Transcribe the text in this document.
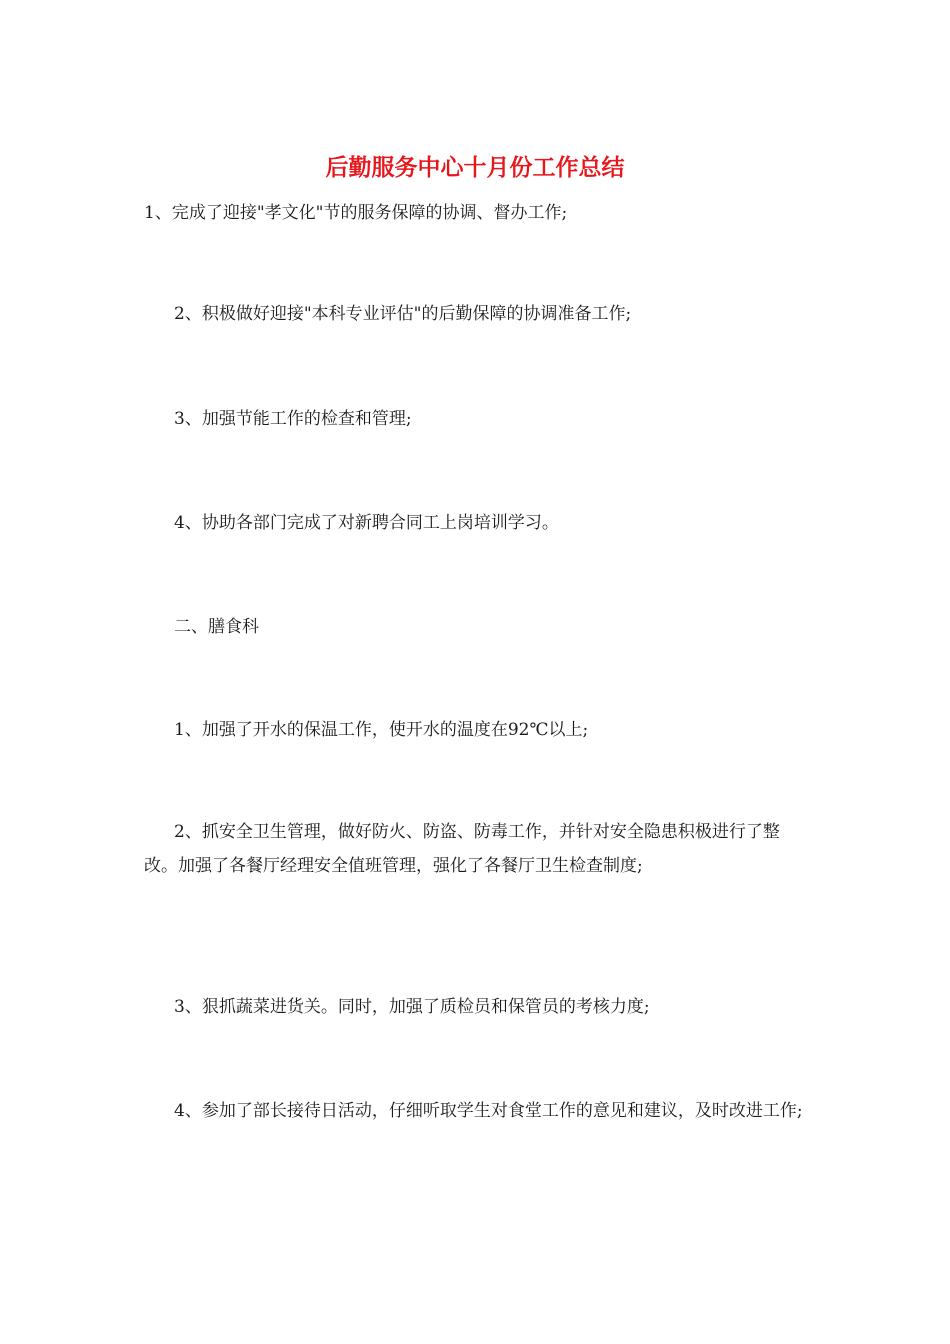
后勤服务中心十月份工作总结
1、完成了迎接"孝文化"节的服务保障的协调、督办工作;
2、积极做好迎接"本科专业评估"的后勤保障的协调准备工作;
3、加强节能工作的检查和管理;
4、协助各部门完成了对新聘合同工上岗培训学习。
二、膳食科
1、加强了开水的保温工作，使开水的温度在92℃以上;
2、抓安全卫生管理，做好防火、防盗、防毒工作，并针对安全隐患积极进行了整改。加强了各餐厅经理安全值班管理，强化了各餐厅卫生检查制度;
3、狠抓蔬菜进货关。同时，加强了质检员和保管员的考核力度;
4、参加了部长接待日活动，仔细听取学生对食堂工作的意见和建议，及时改进工作;
